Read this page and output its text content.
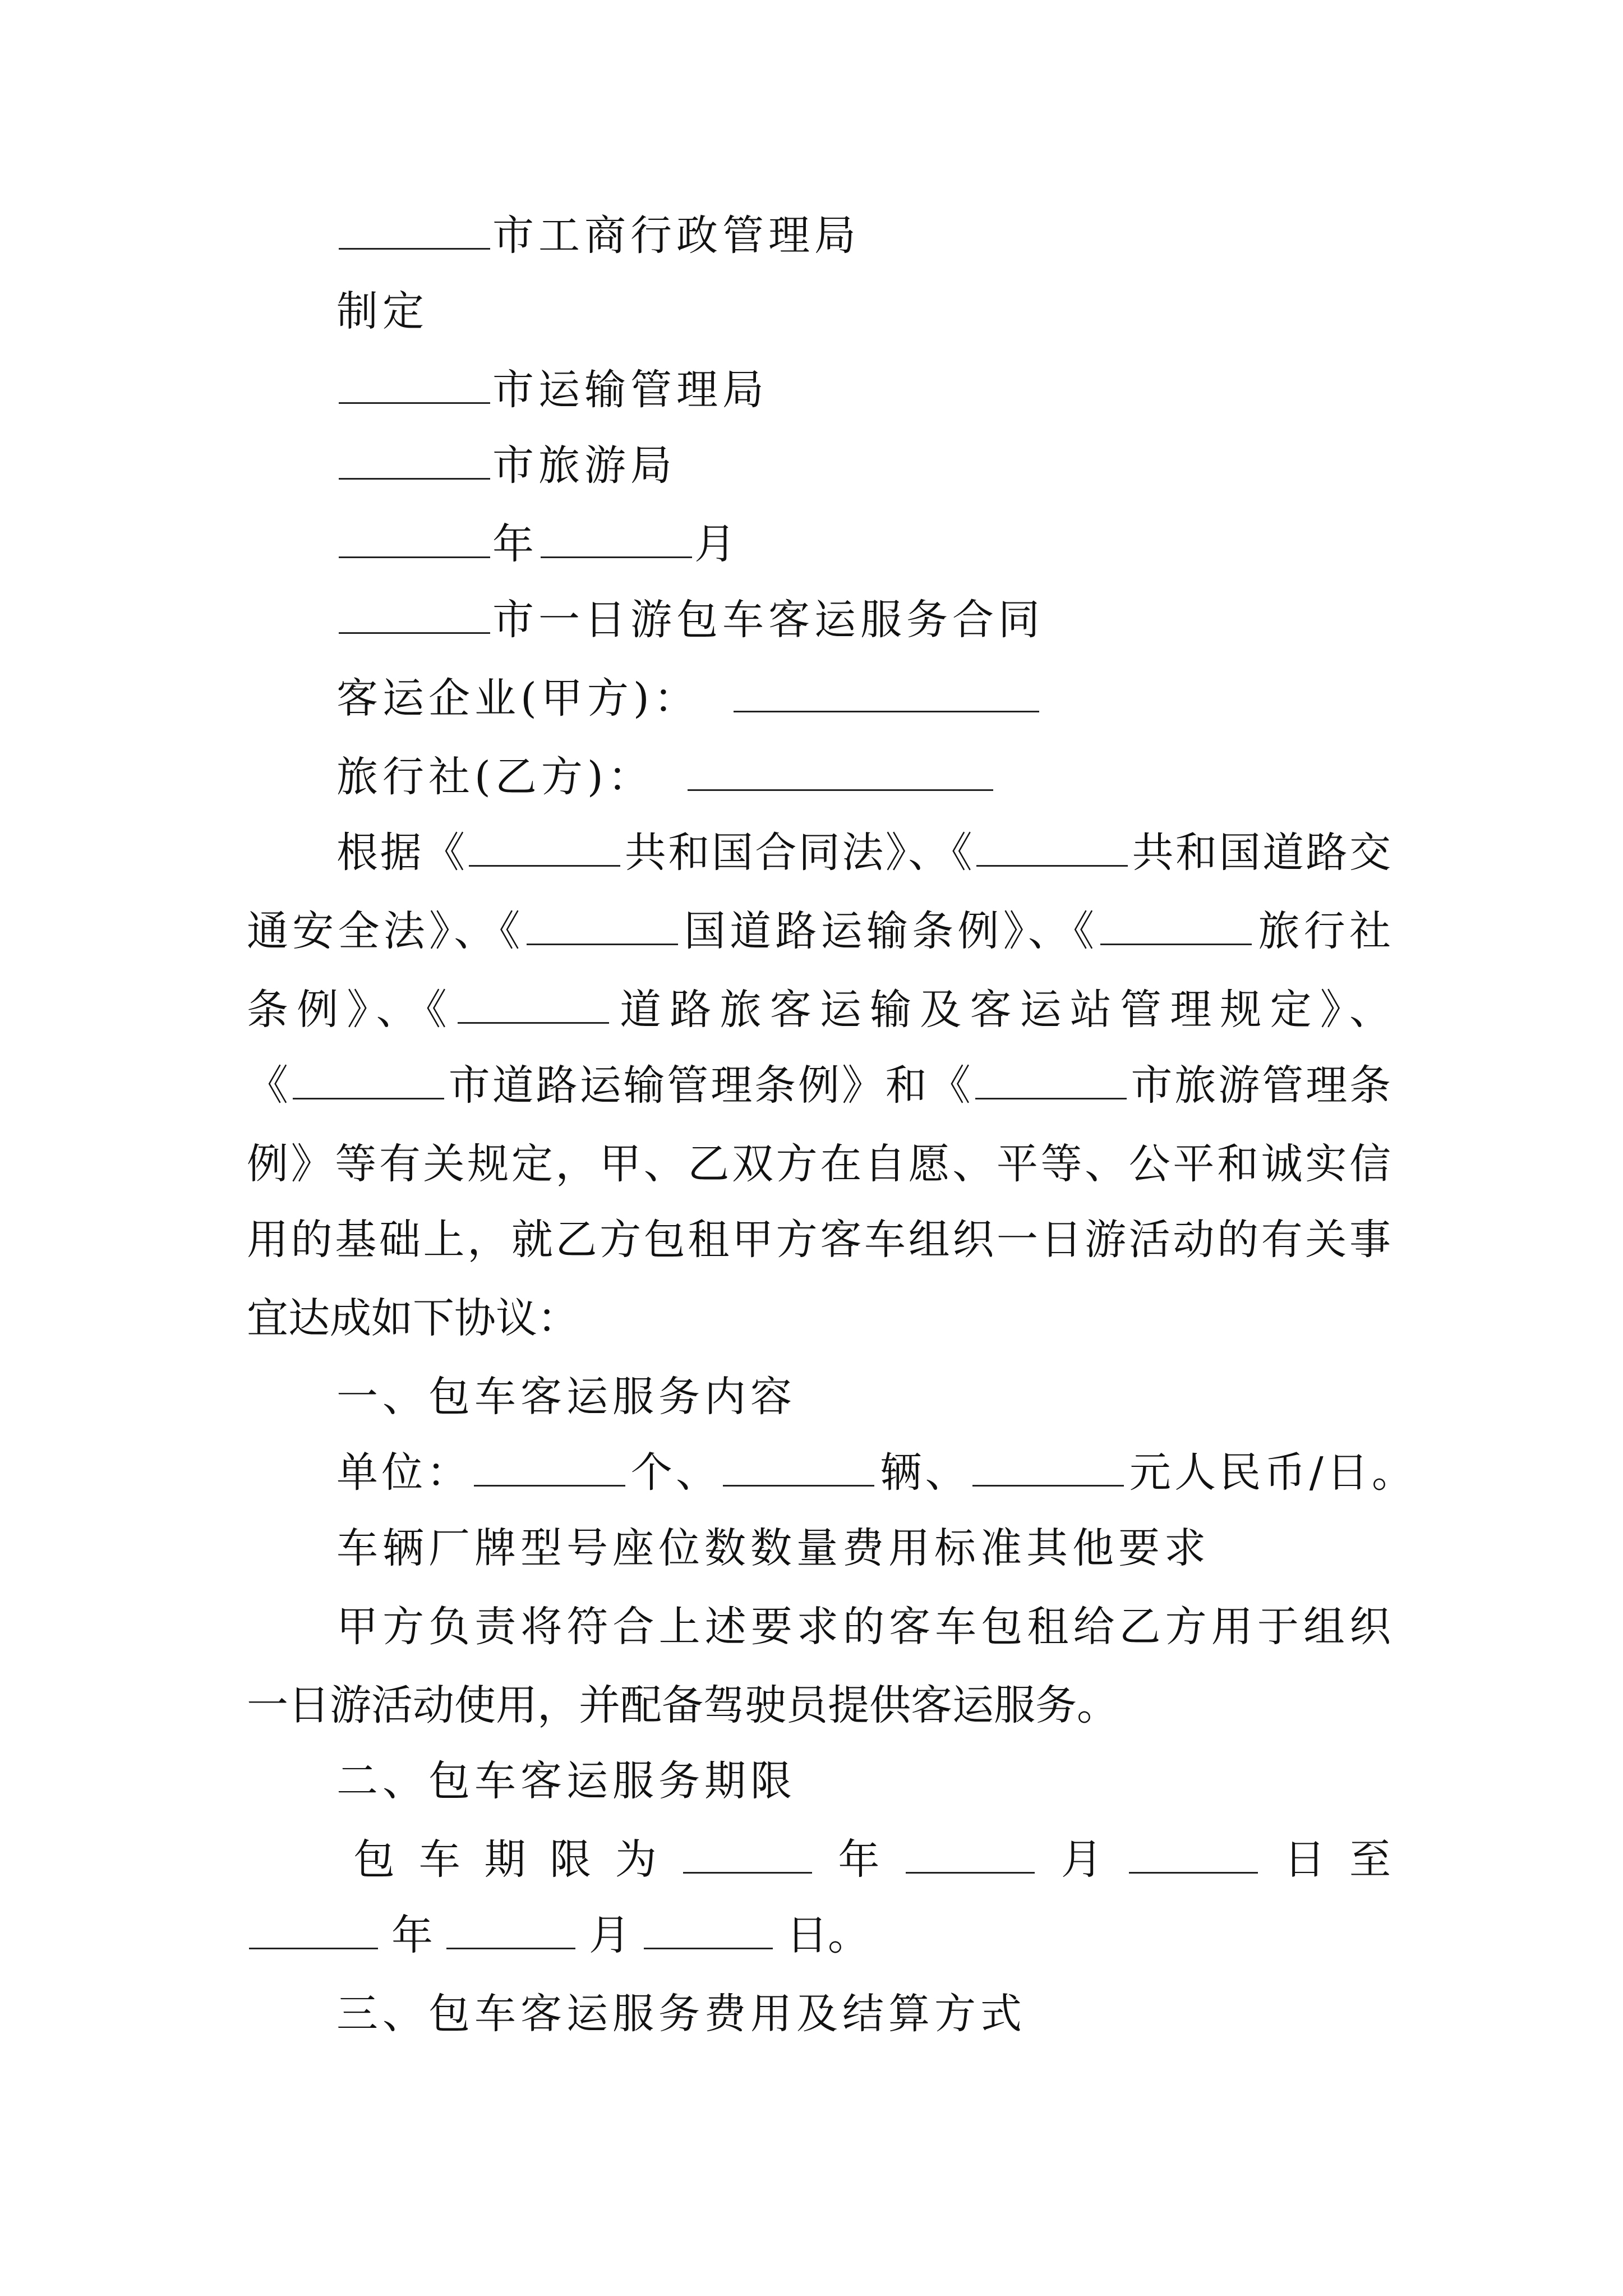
市工商行政管理局

制定

市运输管理局

市旅游局

年	月

市一日游包车客运服务合同

客运企业(甲方)：

旅行社(乙方)：

根据《	共和国合同法》、《	共和国道路交

通安全法》、《	国道路运输条例》、《	旅行社

条例》、《	道路旅客运输及客运站管理规定》、

《	市道路运输管理条例》和《	市旅游管理条

例》等有关规定，甲、乙双方在自愿、平等、公平和诚实信

用的基础上，就乙方包租甲方客车组织一日游活动的有关事

宜达成如下协议：

一、包车客运服务内容

单位：	个、	辆、	元人民币/日。

车辆厂牌型号座位数数量费用标准其他要求

甲方负责将符合上述要求的客车包租给乙方用于组织

一日游活动使用，并配备驾驶员提供客运服务。

二、包车客运服务期限

包车期限为	年	月	日至

年	月	日。

三、包车客运服务费用及结算方式
